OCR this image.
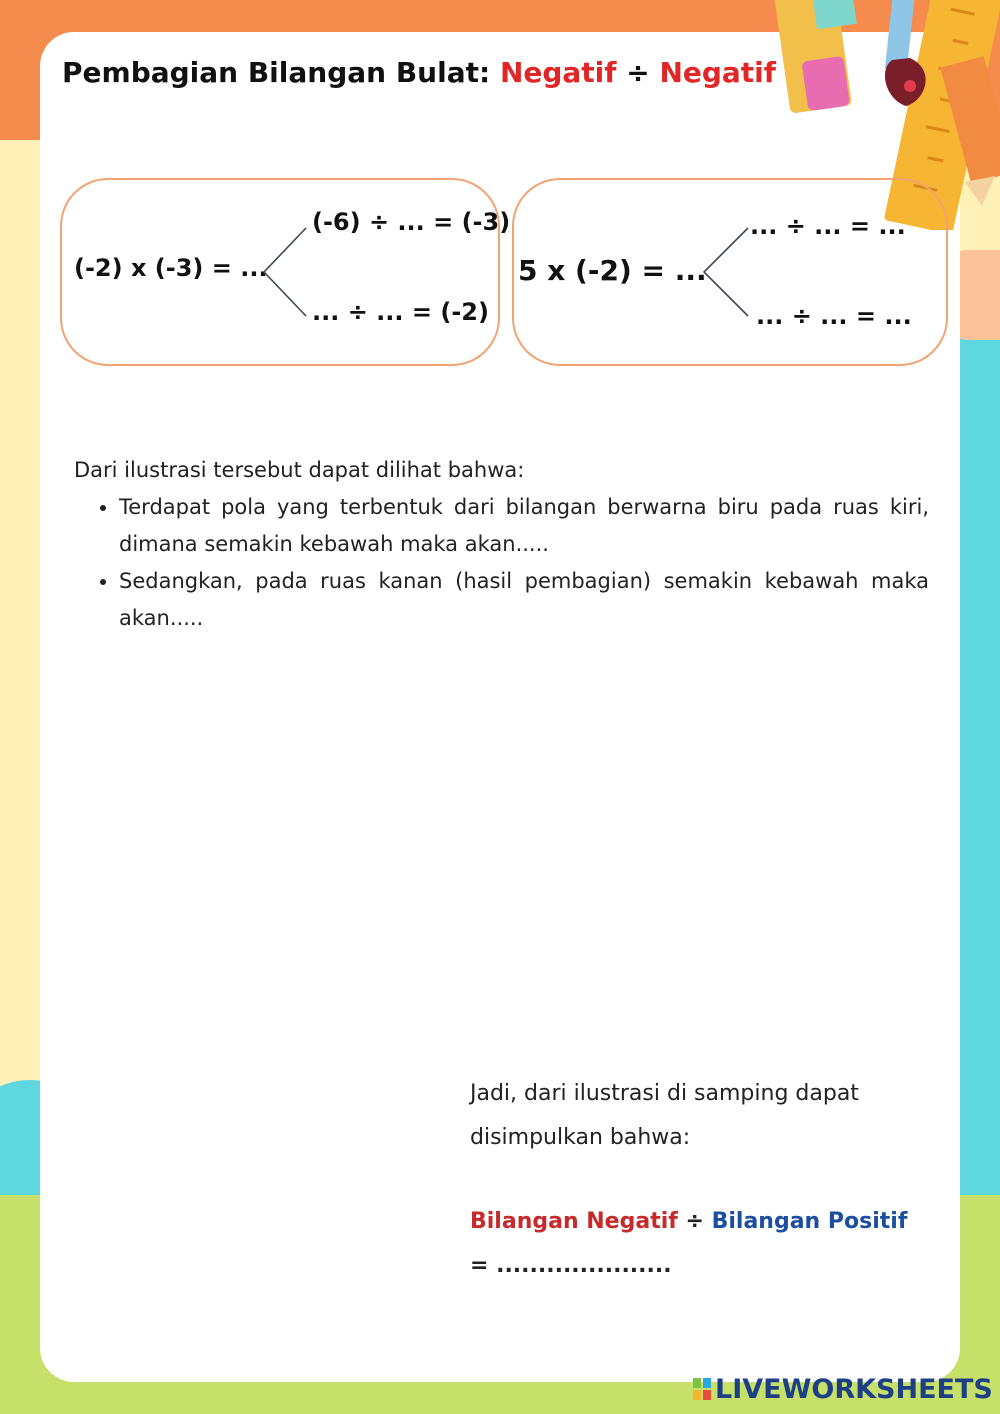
Pembagian Bilangan Bulat: Negatif ÷ Negatif
(-2) x (-3) = ...
(-6) ÷ ... = (-3)
... ÷ ... = (-2)
5 x (-2) = ...
... ÷ ... = ...
... ÷ ... = ...

Dari ilustrasi tersebut dapat dilihat bahwa:

• Terdapat pola yang terbentuk dari bilangan berwarna biru pada ruas kiri, dimana semakin kebawah maka akan.....
• Sedangkan, pada ruas kanan (hasil pembagian) semakin kebawah maka akan.....
Jadi, dari ilustrasi di samping dapat
disimpulkan bahwa:
Bilangan Negatif ÷ Bilangan Positif
= .....................
LIVEWORKSHEETS
